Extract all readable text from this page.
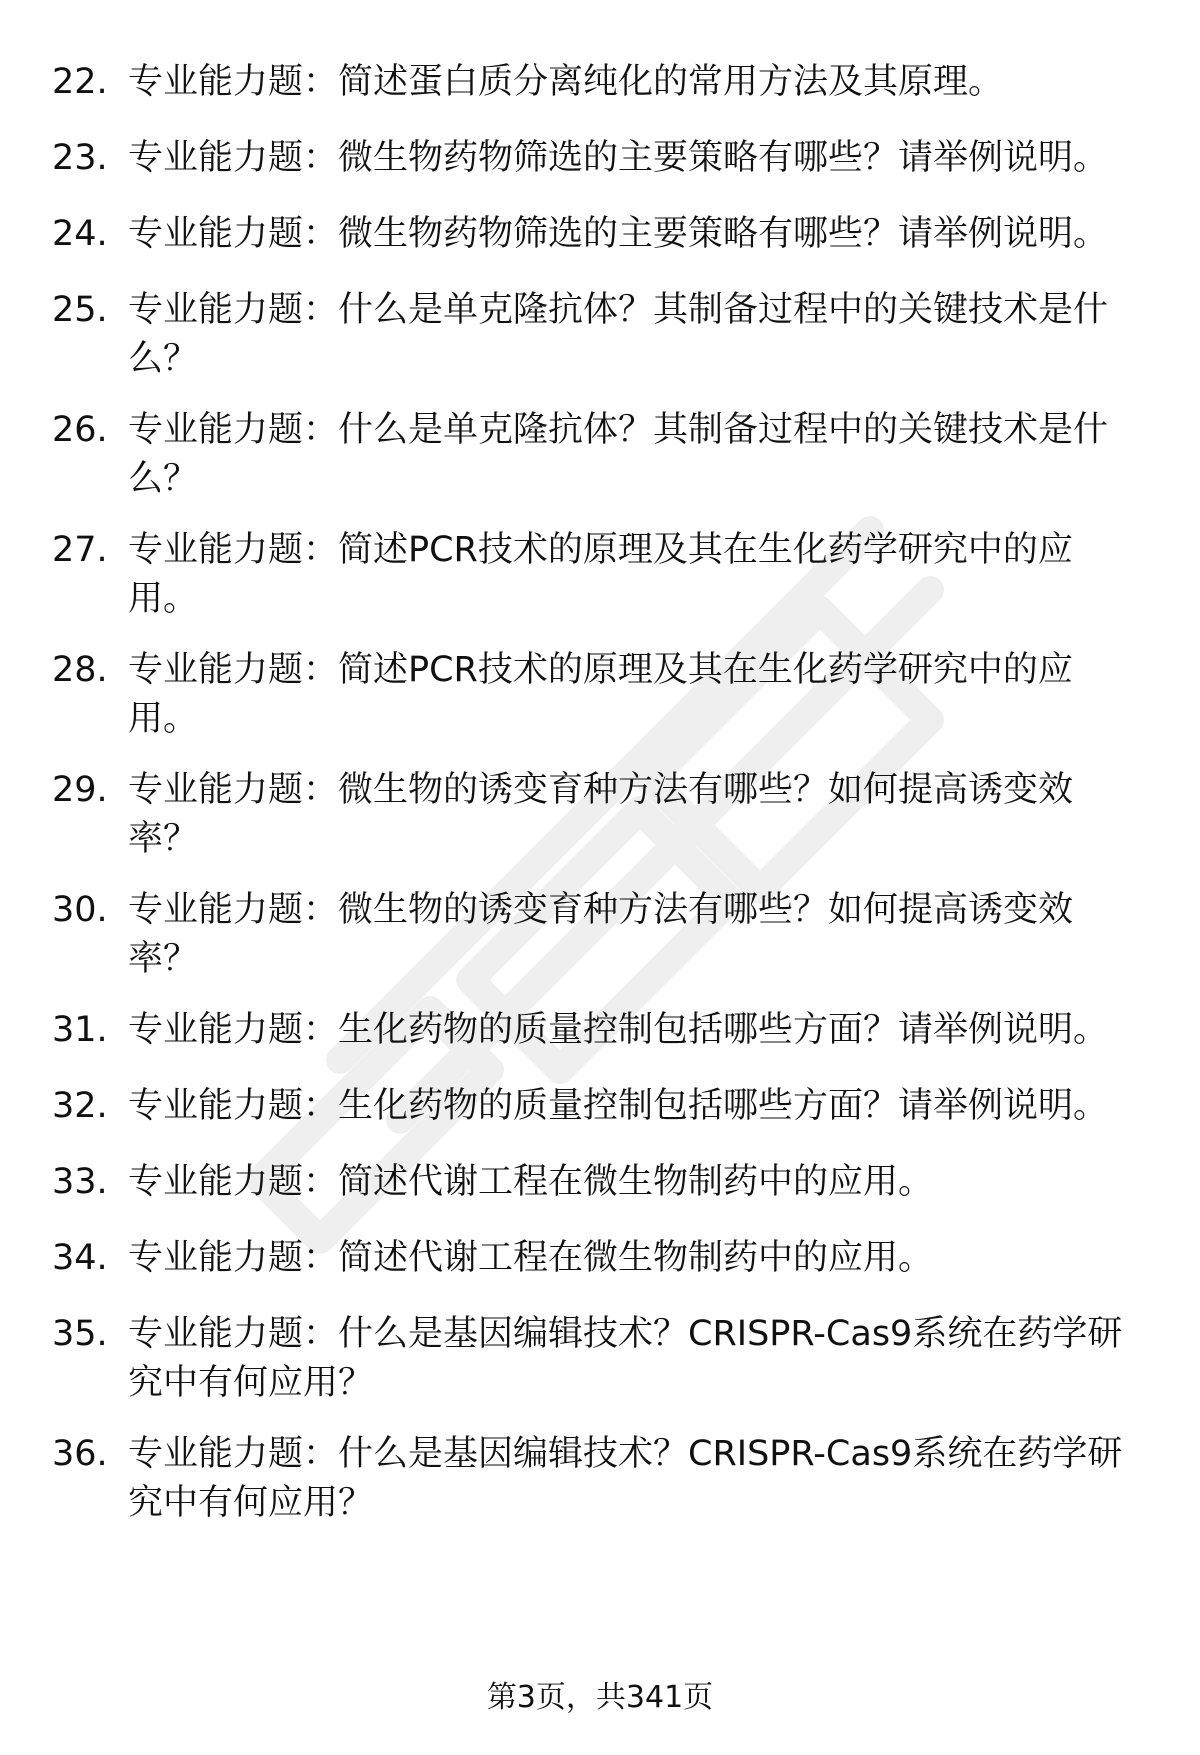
22. 专业能力题：简述蛋白质分离纯化的常用方法及其原理。
23. 专业能力题：微生物药物筛选的主要策略有哪些？请举例说明。
24. 专业能力题：微生物药物筛选的主要策略有哪些？请举例说明。
25. 专业能力题：什么是单克隆抗体？其制备过程中的关键技术是什么？
26. 专业能力题：什么是单克隆抗体？其制备过程中的关键技术是什么？
27. 专业能力题：简述PCR技术的原理及其在生化药学研究中的应用。
28. 专业能力题：简述PCR技术的原理及其在生化药学研究中的应用。
29. 专业能力题：微生物的诱变育种方法有哪些？如何提高诱变效率？
30. 专业能力题：微生物的诱变育种方法有哪些？如何提高诱变效率？
31. 专业能力题：生化药物的质量控制包括哪些方面？请举例说明。
32. 专业能力题：生化药物的质量控制包括哪些方面？请举例说明。
33. 专业能力题：简述代谢工程在微生物制药中的应用。
34. 专业能力题：简述代谢工程在微生物制药中的应用。
35. 专业能力题：什么是基因编辑技术？CRISPR-Cas9系统在药学研究中有何应用？
36. 专业能力题：什么是基因编辑技术？CRISPR-Cas9系统在药学研究中有何应用？
第3页，共341页
